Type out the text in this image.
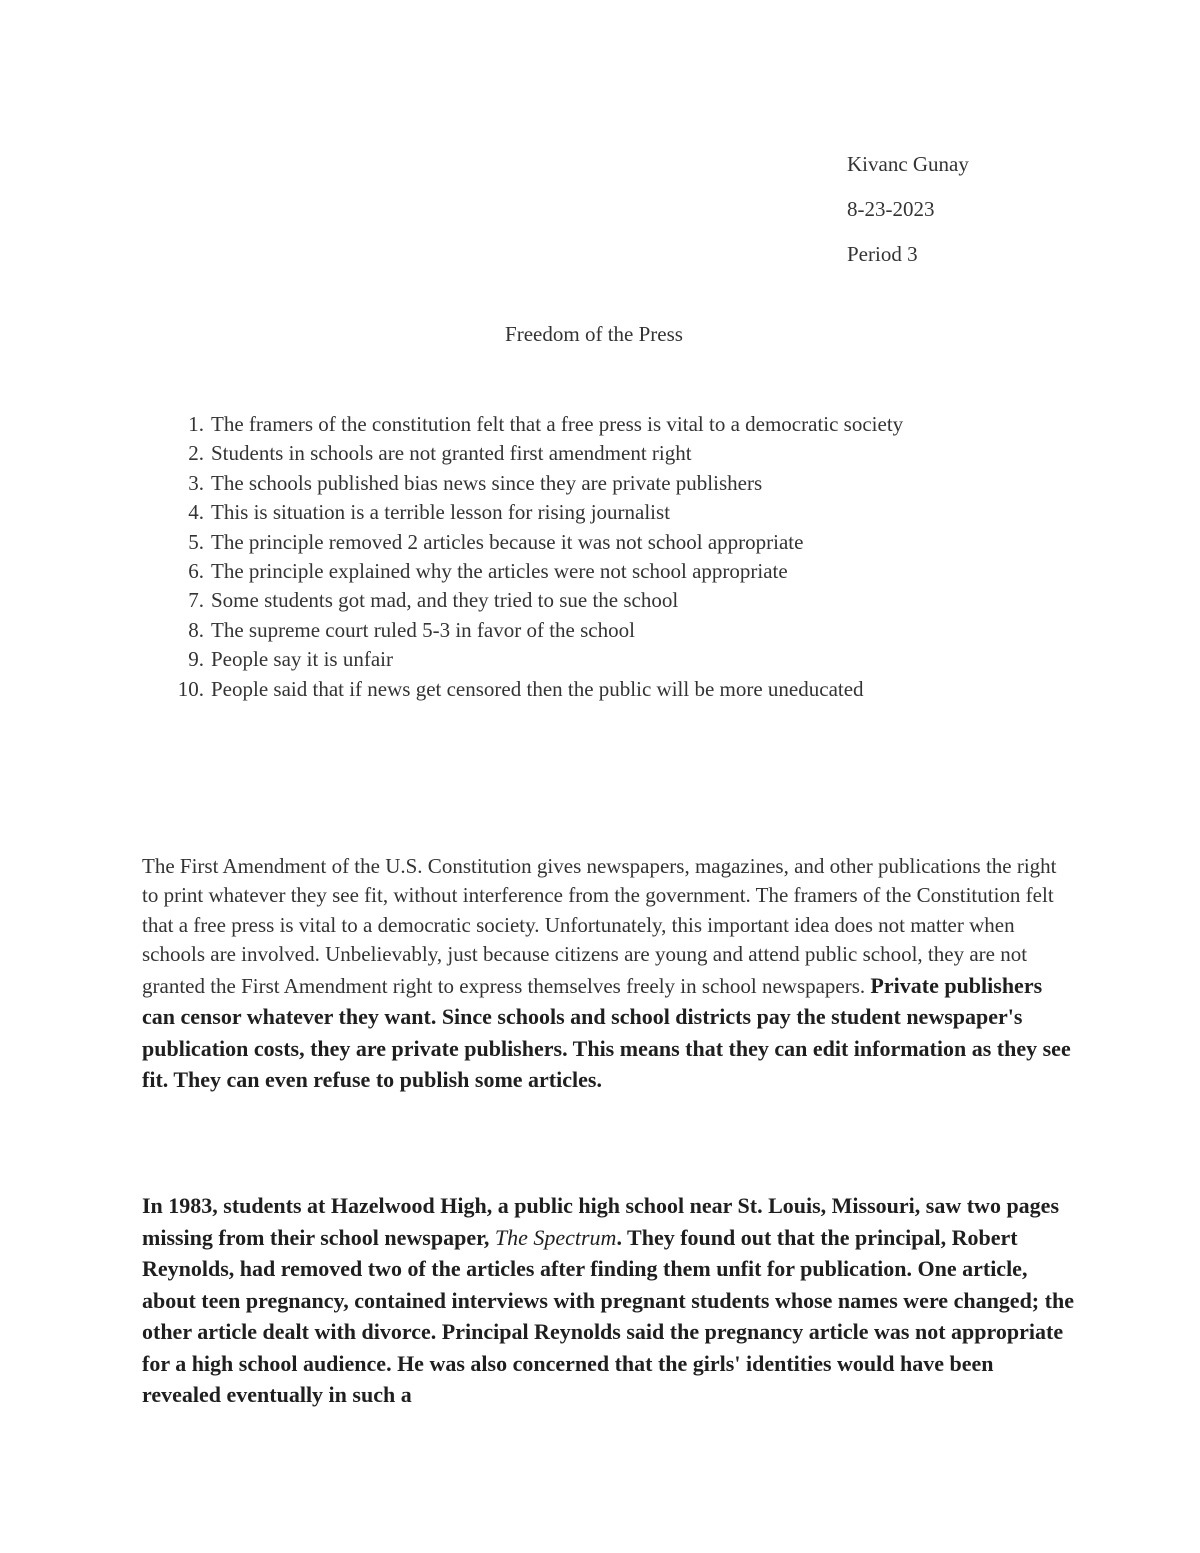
Kivanc Gunay
8-23-2023
Period 3
Freedom of the Press
1. The framers of the constitution felt that a free press is vital to a democratic society
2. Students in schools are not granted first amendment right
3. The schools published bias news since they are private publishers
4. This is situation is a terrible lesson for rising journalist
5. The principle removed 2 articles because it was not school appropriate
6. The principle explained why the articles were not school appropriate
7. Some students got mad, and they tried to sue the school
8. The supreme court ruled 5-3 in favor of the school
9. People say it is unfair
10. People said that if news get censored then the public will be more uneducated

The First Amendment of the U.S. Constitution gives newspapers, magazines, and other publications the right to print whatever they see fit, without interference from the government. The framers of the Constitution felt that a free press is vital to a democratic society. Unfortunately, this important idea does not matter when schools are involved. Unbelievably, just because citizens are young and attend public school, they are not granted the First Amendment right to express themselves freely in school newspapers. Private publishers can censor whatever they want. Since schools and school districts pay the student newspaper's publication costs, they are private publishers. This means that they can edit information as they see fit. They can even refuse to publish some articles.

In 1983, students at Hazelwood High, a public high school near St. Louis, Missouri, saw two pages missing from their school newspaper, The Spectrum. They found out that the principal, Robert Reynolds, had removed two of the articles after finding them unfit for publication. One article, about teen pregnancy, contained interviews with pregnant students whose names were changed; the other article dealt with divorce. Principal Reynolds said the pregnancy article was not appropriate for a high school audience. He was also concerned that the girls' identities would have been revealed eventually in such a
